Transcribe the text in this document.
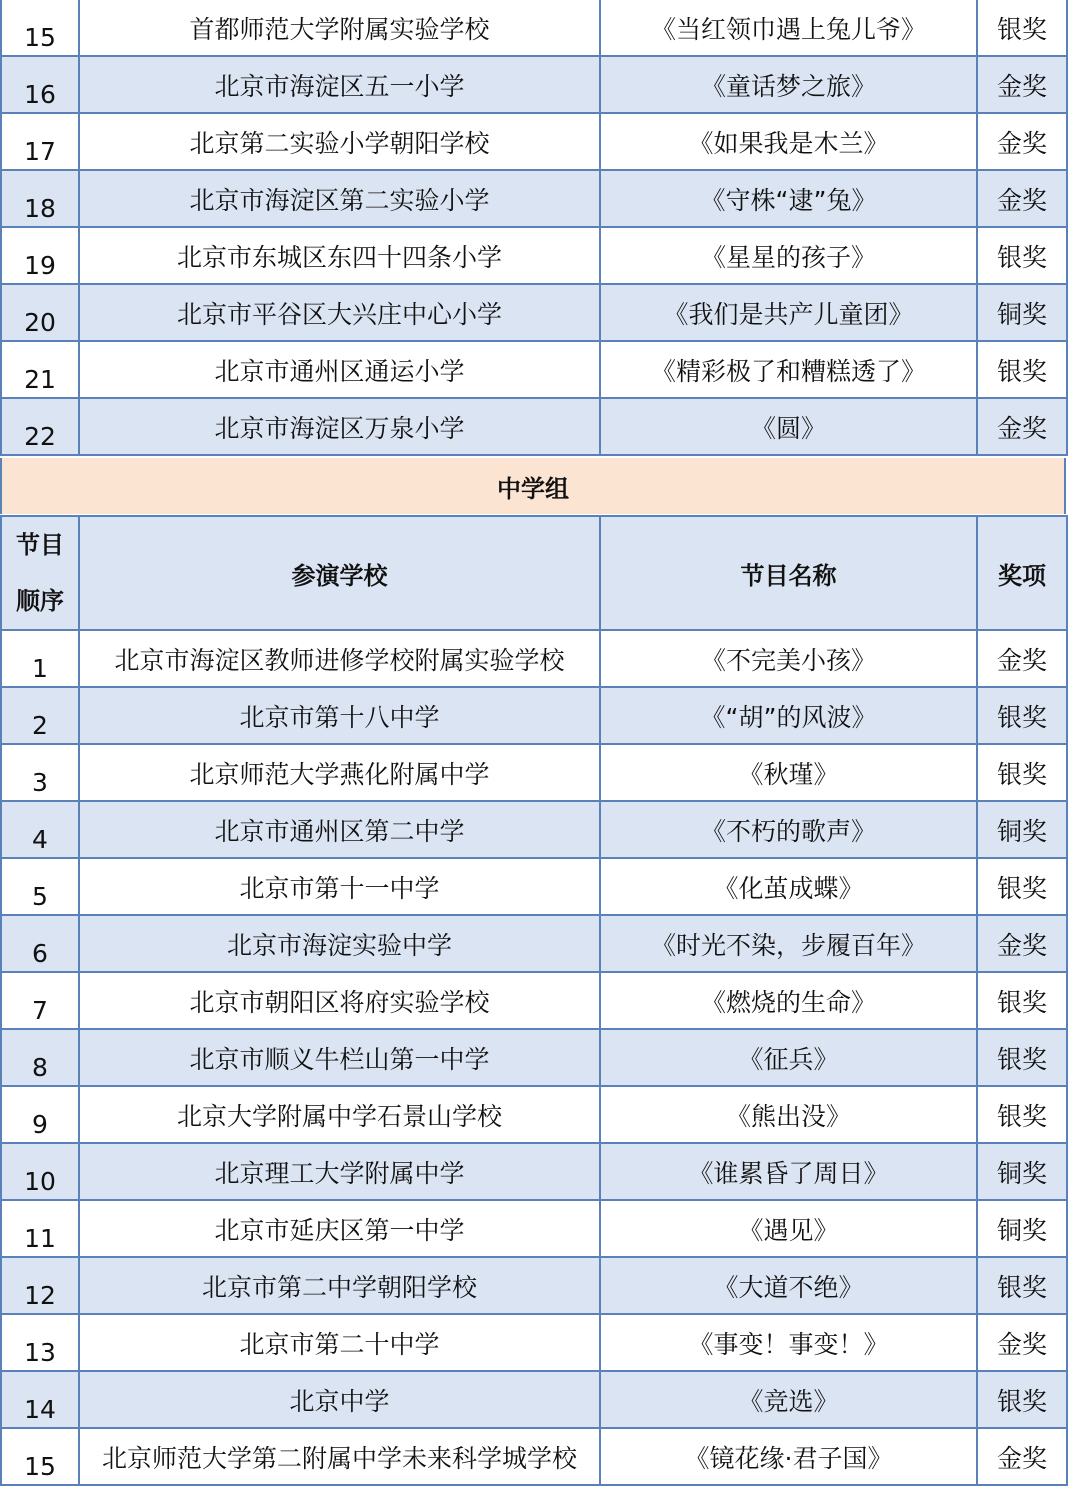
15	首都师范大学附属实验学校	《当红领巾遇上兔儿爷》	银奖
16	北京市海淀区五一小学	《童话梦之旅》	金奖
17	北京第二实验小学朝阳学校	《如果我是木兰》	金奖
18	北京市海淀区第二实验小学	《守株“逮”兔》	金奖
19	北京市东城区东四十四条小学	《星星的孩子》	银奖
20	北京市平谷区大兴庄中心小学	《我们是共产儿童团》	铜奖
21	北京市通州区通运小学	《精彩极了和糟糕透了》	银奖
22	北京市海淀区万泉小学	《圆》	金奖
中学组
节目
顺序	参演学校	节目名称	奖项
1	北京市海淀区教师进修学校附属实验学校	《不完美小孩》	金奖
2	北京市第十八中学	《“胡”的风波》	银奖
3	北京师范大学燕化附属中学	《秋瑾》	银奖
4	北京市通州区第二中学	《不朽的歌声》	铜奖
5	北京市第十一中学	《化茧成蝶》	银奖
6	北京市海淀实验中学	《时光不染，步履百年》	金奖
7	北京市朝阳区将府实验学校	《燃烧的生命》	银奖
8	北京市顺义牛栏山第一中学	《征兵》	银奖
9	北京大学附属中学石景山学校	《熊出没》	银奖
10	北京理工大学附属中学	《谁累昏了周日》	铜奖
11	北京市延庆区第一中学	《遇见》	铜奖
12	北京市第二中学朝阳学校	《大道不绝》	银奖
13	北京市第二十中学	《事变！事变！》	金奖
14	北京中学	《竞选》	银奖
15	北京师范大学第二附属中学未来科学城学校	《镜花缘·君子国》	金奖
